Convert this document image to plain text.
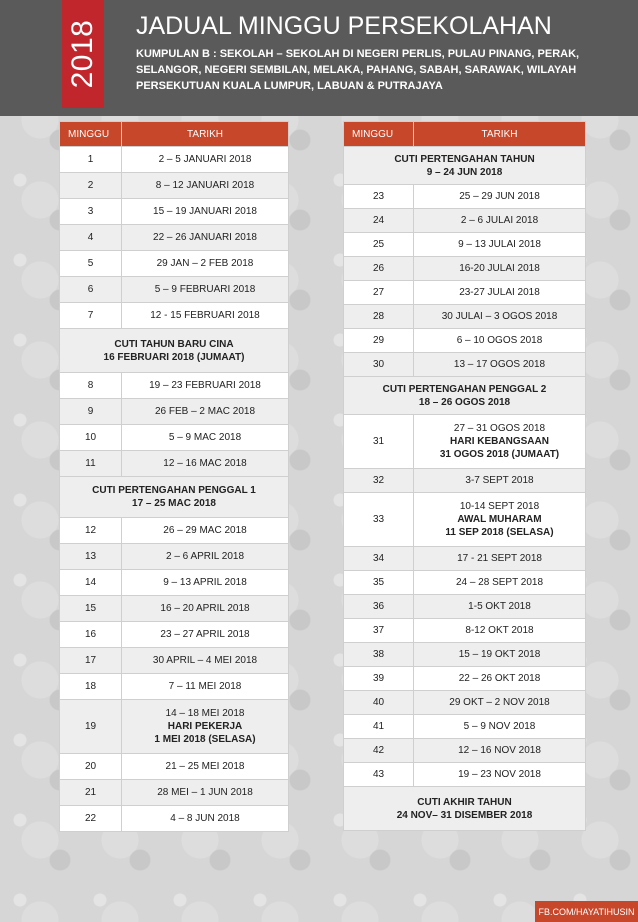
2018 JADUAL MINGGU PERSEKOLAHAN
KUMPULAN B : SEKOLAH – SEKOLAH DI NEGERI PERLIS, PULAU PINANG, PERAK, SELANGOR, NEGERI SEMBILAN, MELAKA, PAHANG, SABAH, SARAWAK, WILAYAH PERSEKUTUAN KUALA LUMPUR, LABUAN & PUTRAJAYA
MINGGU	TARIKH
1	2 – 5 JANUARI 2018
2	8 – 12 JANUARI 2018
3	15 – 19 JANUARI 2018
4	22 – 26 JANUARI 2018
5	29 JAN – 2 FEB 2018
6	5 – 9 FEBRUARI 2018
7	12 - 15 FEBRUARI 2018

CUTI TAHUN BARU CINA
16 FEBRUARI 2018 (JUMAAT)	

8	19 – 23 FEBRUARI 2018
9	26 FEB – 2 MAC 2018
10	5 – 9 MAC 2018
11	12 – 16 MAC 2018

CUTI PERTENGAHAN PENGGAL 1
17 – 25 MAC 2018	

12	26 – 29 MAC 2018
13	2 – 6 APRIL 2018
14	9 – 13 APRIL 2018
15	16 – 20 APRIL 2018
16	23 – 27 APRIL 2018
17	30 APRIL – 4 MEI 2018
18	7 – 11 MEI 2018
19	14 – 18 MEI 2018
HARI PEKERJA
1 MEI 2018 (SELASA)

20	21 – 25 MEI 2018
21	28 MEI – 1 JUN 2018
22	4 – 8 JUN 2018
MINGGU	TARIKH

CUTI PERTENGAHAN TAHUN
9 – 24 JUN 2018	

23	25 – 29 JUN 2018
24	2 – 6 JULAI 2018
25	9 – 13 JULAI 2018
26	16-20 JULAI 2018
27	23-27 JULAI 2018
28	30 JULAI – 3 OGOS 2018
29	6 – 10 OGOS 2018
30	13 – 17 OGOS 2018

CUTI PERTENGAHAN PENGGAL 2
18 – 26 OGOS 2018	

31	27 – 31 OGOS 2018
HARI KEBANGSAAN
31 OGOS 2018 (JUMAAT)

32	3-7 SEPT 2018
33	10-14 SEPT 2018
AWAL MUHARAM
11 SEP 2018 (SELASA)

34	17 - 21 SEPT 2018
35	24 – 28 SEPT 2018
36	1-5 OKT 2018
37	8-12 OKT 2018
38	15 – 19 OKT 2018
39	22 – 26 OKT 2018
40	29 OKT – 2 NOV 2018
41	5 – 9 NOV 2018
42	12 – 16 NOV 2018
43	19 – 23 NOV 2018

CUTI AKHIR TAHUN
24 NOV– 31 DISEMBER 2018	
FB.COM/HAYATIHUSIN
